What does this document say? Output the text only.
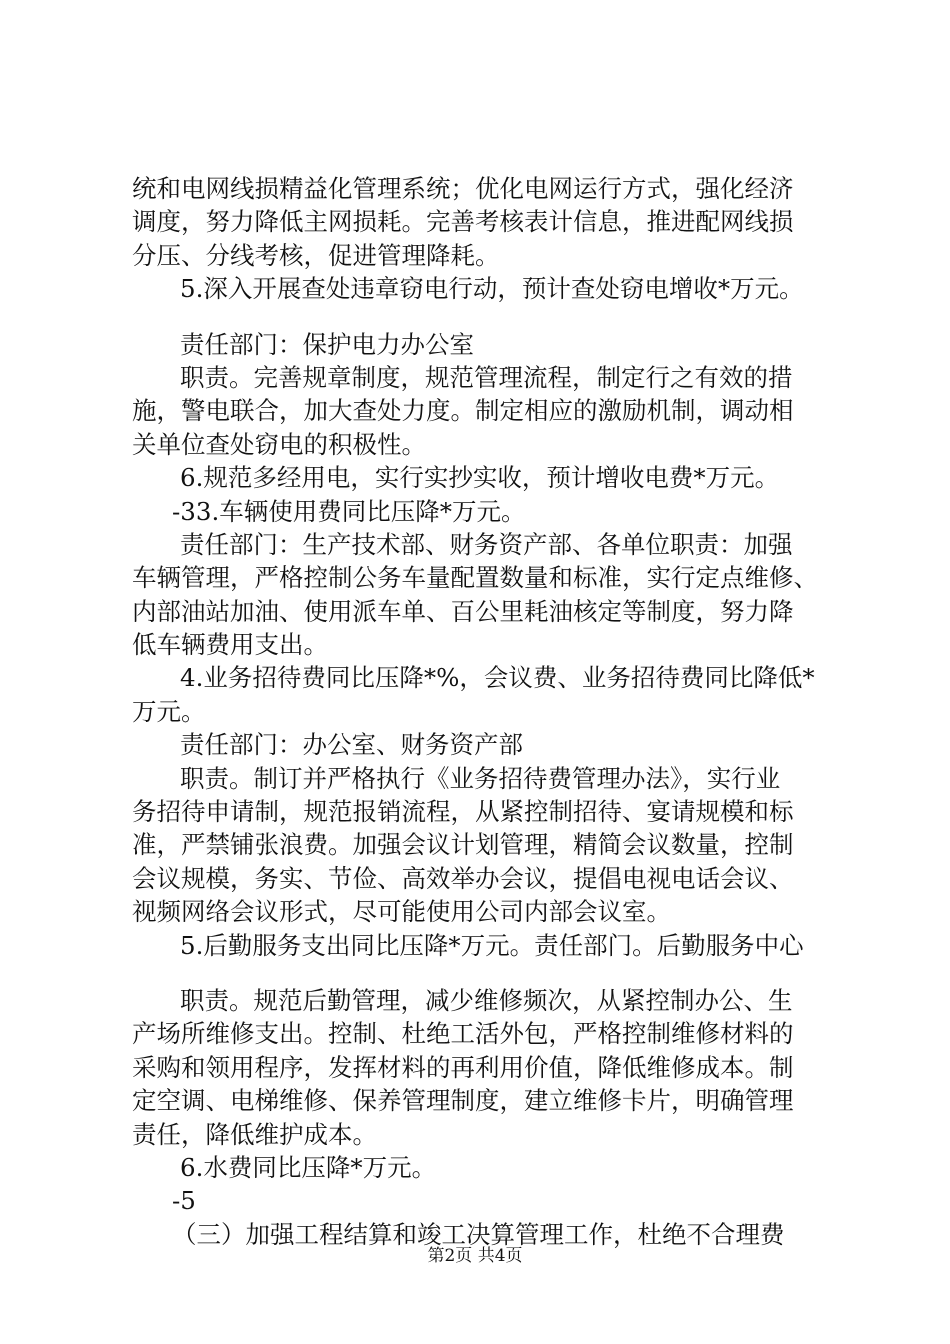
统和电网线损精益化管理系统；优化电网运行方式，强化经济
调度，努力降低主网损耗。完善考核表计信息，推进配网线损
分压、分线考核，促进管理降耗。
5.深入开展查处违章窃电行动，预计查处窃电增收*万元。
责任部门：保护电力办公室
职责。完善规章制度，规范管理流程，制定行之有效的措
施，警电联合，加大查处力度。制定相应的激励机制，调动相
关单位查处窃电的积极性。
6.规范多经用电，实行实抄实收，预计增收电费*万元。
-33.车辆使用费同比压降*万元。
责任部门：生产技术部、财务资产部、各单位职责：加强
车辆管理，严格控制公务车量配置数量和标准，实行定点维修、
内部油站加油、使用派车单、百公里耗油核定等制度，努力降
低车辆费用支出。
4.业务招待费同比压降*%，会议费、业务招待费同比降低*
万元。
责任部门：办公室、财务资产部
职责。制订并严格执行《业务招待费管理办法》，实行业
务招待申请制，规范报销流程，从紧控制招待、宴请规模和标
准，严禁铺张浪费。加强会议计划管理，精简会议数量，控制
会议规模，务实、节俭、高效举办会议，提倡电视电话会议、
视频网络会议形式，尽可能使用公司内部会议室。
5.后勤服务支出同比压降*万元。责任部门。后勤服务中心
职责。规范后勤管理，减少维修频次，从紧控制办公、生
产场所维修支出。控制、杜绝工活外包，严格控制维修材料的
采购和领用程序，发挥材料的再利用价值，降低维修成本。制
定空调、电梯维修、保养管理制度，建立维修卡片，明确管理
责任，降低维护成本。
6.水费同比压降*万元。
-5
（三）加强工程结算和竣工决算管理工作，杜绝不合理费
第2页 共4页
